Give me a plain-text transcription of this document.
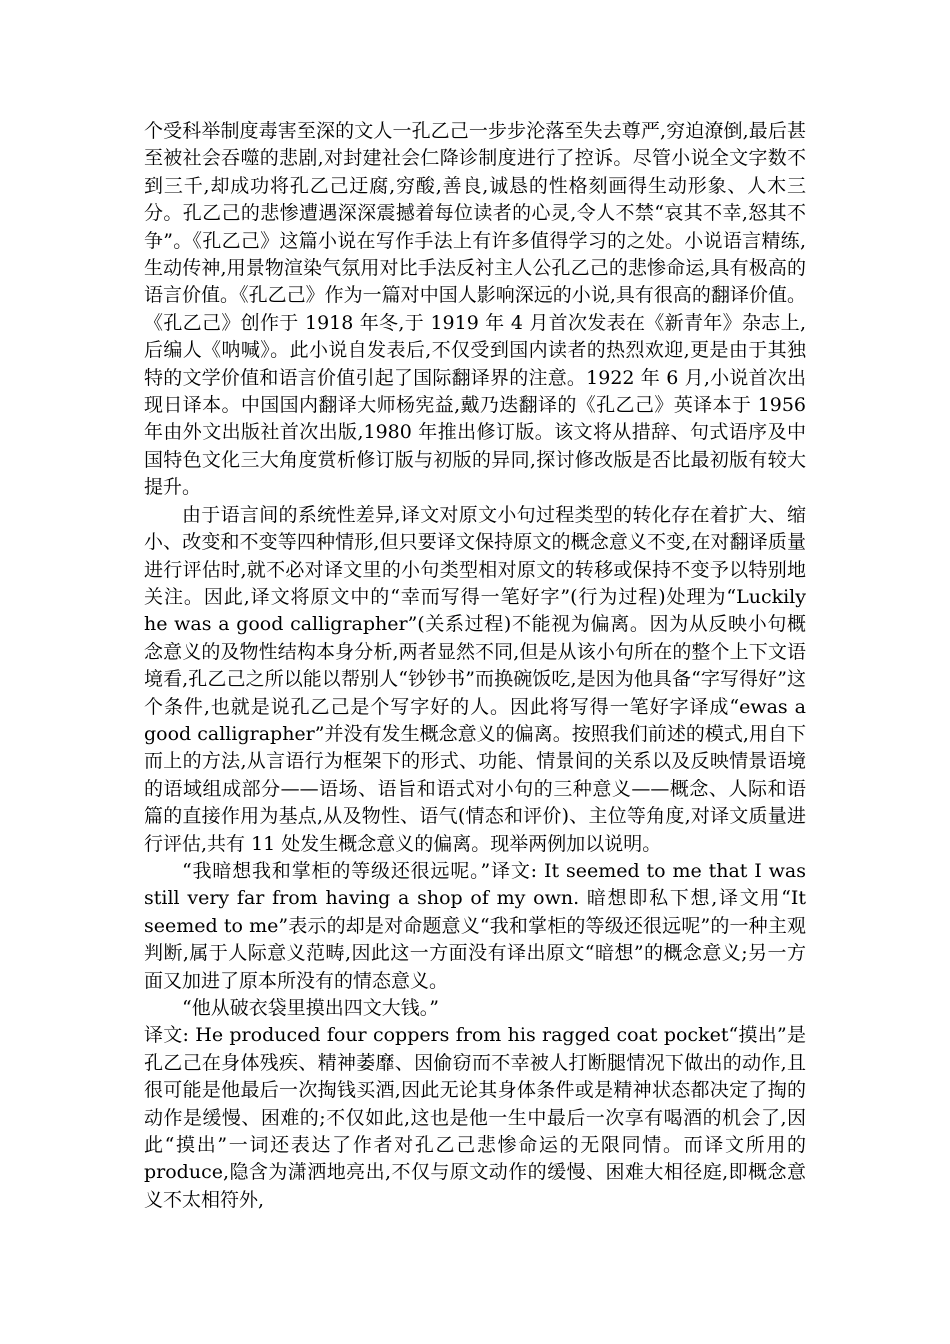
个受科举制度毒害至深的文人一孔乙己一步步沦落至失去尊严,穷迫潦倒,最后甚至被社会吞噬的悲剧,对封建社会仁降诊制度进行了控诉。尽管小说全文字数不到三千,却成功将孔乙己迂腐,穷酸,善良,诚恳的性格刻画得生动形象、人木三分。孔乙己的悲惨遭遇深深震撼着每位读者的心灵,令人不禁“哀其不幸,怒其不争”。《孔乙己》这篇小说在写作手法上有许多值得学习的之处。小说语言精练,生动传神,用景物渲染气氛用对比手法反衬主人公孔乙己的悲惨命运,具有极高的语言价值。《孔乙己》作为一篇对中国人影响深远的小说,具有很高的翻译价值。《孔乙己》创作于 1918 年冬,于 1919 年 4 月首次发表在《新青年》杂志上,后编人《呐喊》。此小说自发表后,不仅受到国内读者的热烈欢迎,更是由于其独特的文学价值和语言价值引起了国际翻译界的注意。1922 年 6 月,小说首次出现日译本。中国国内翻译大师杨宪益,戴乃迭翻译的《孔乙己》英译本于 1956 年由外文出版社首次出版,1980 年推出修订版。该文将从措辞、句式语序及中国特色文化三大角度赏析修订版与初版的异同,探讨修改版是否比最初版有较大提升。

由于语言间的系统性差异,译文对原文小句过程类型的转化存在着扩大、缩小、改变和不变等四种情形,但只要译文保持原文的概念意义不变,在对翻译质量进行评估时,就不必对译文里的小句类型相对原文的转移或保持不变予以特别地关注。因此,译文将原文中的“幸而写得一笔好字”(行为过程)处理为“Luckily he was a good calligrapher”(关系过程)不能视为偏离。因为从反映小句概念意义的及物性结构本身分析,两者显然不同,但是从该小句所在的整个上下文语境看,孔乙己之所以能以帮别人“钞钞书”而换碗饭吃,是因为他具备“字写得好”这个条件,也就是说孔乙己是个写字好的人。因此将写得一笔好字译成“ewas a good calligrapher”并没有发生概念意义的偏离。按照我们前述的模式,用自下而上的方法,从言语行为框架下的形式、功能、情景间的关系以及反映情景语境的语域组成部分——语场、语旨和语式对小句的三种意义——概念、人际和语篇的直接作用为基点,从及物性、语气(情态和评价)、主位等角度,对译文质量进行评估,共有 11 处发生概念意义的偏离。现举两例加以说明。

“我暗想我和掌柜的等级还很远呢。”译文: It seemed to me that I was still very far from having a shop of my own. 暗想即私下想,译文用“It seemed to me”表示的却是对命题意义“我和掌柜的等级还很远呢”的一种主观判断,属于人际意义范畴,因此这一方面没有译出原文“暗想”的概念意义;另一方面又加进了原本所没有的情态意义。

“他从破衣袋里摸出四文大钱。”

译文: He produced four coppers from his ragged coat pocket“摸出”是孔乙己在身体残疾、精神萎靡、因偷窃而不幸被人打断腿情况下做出的动作,且很可能是他最后一次掏钱买酒,因此无论其身体条件或是精神状态都决定了掏的动作是缓慢、困难的;不仅如此,这也是他一生中最后一次享有喝酒的机会了,因此“摸出”一词还表达了作者对孔乙己悲惨命运的无限同情。而译文所用的 produce,隐含为潇洒地亮出,不仅与原文动作的缓慢、困难大相径庭,即概念意义不太相符外,
